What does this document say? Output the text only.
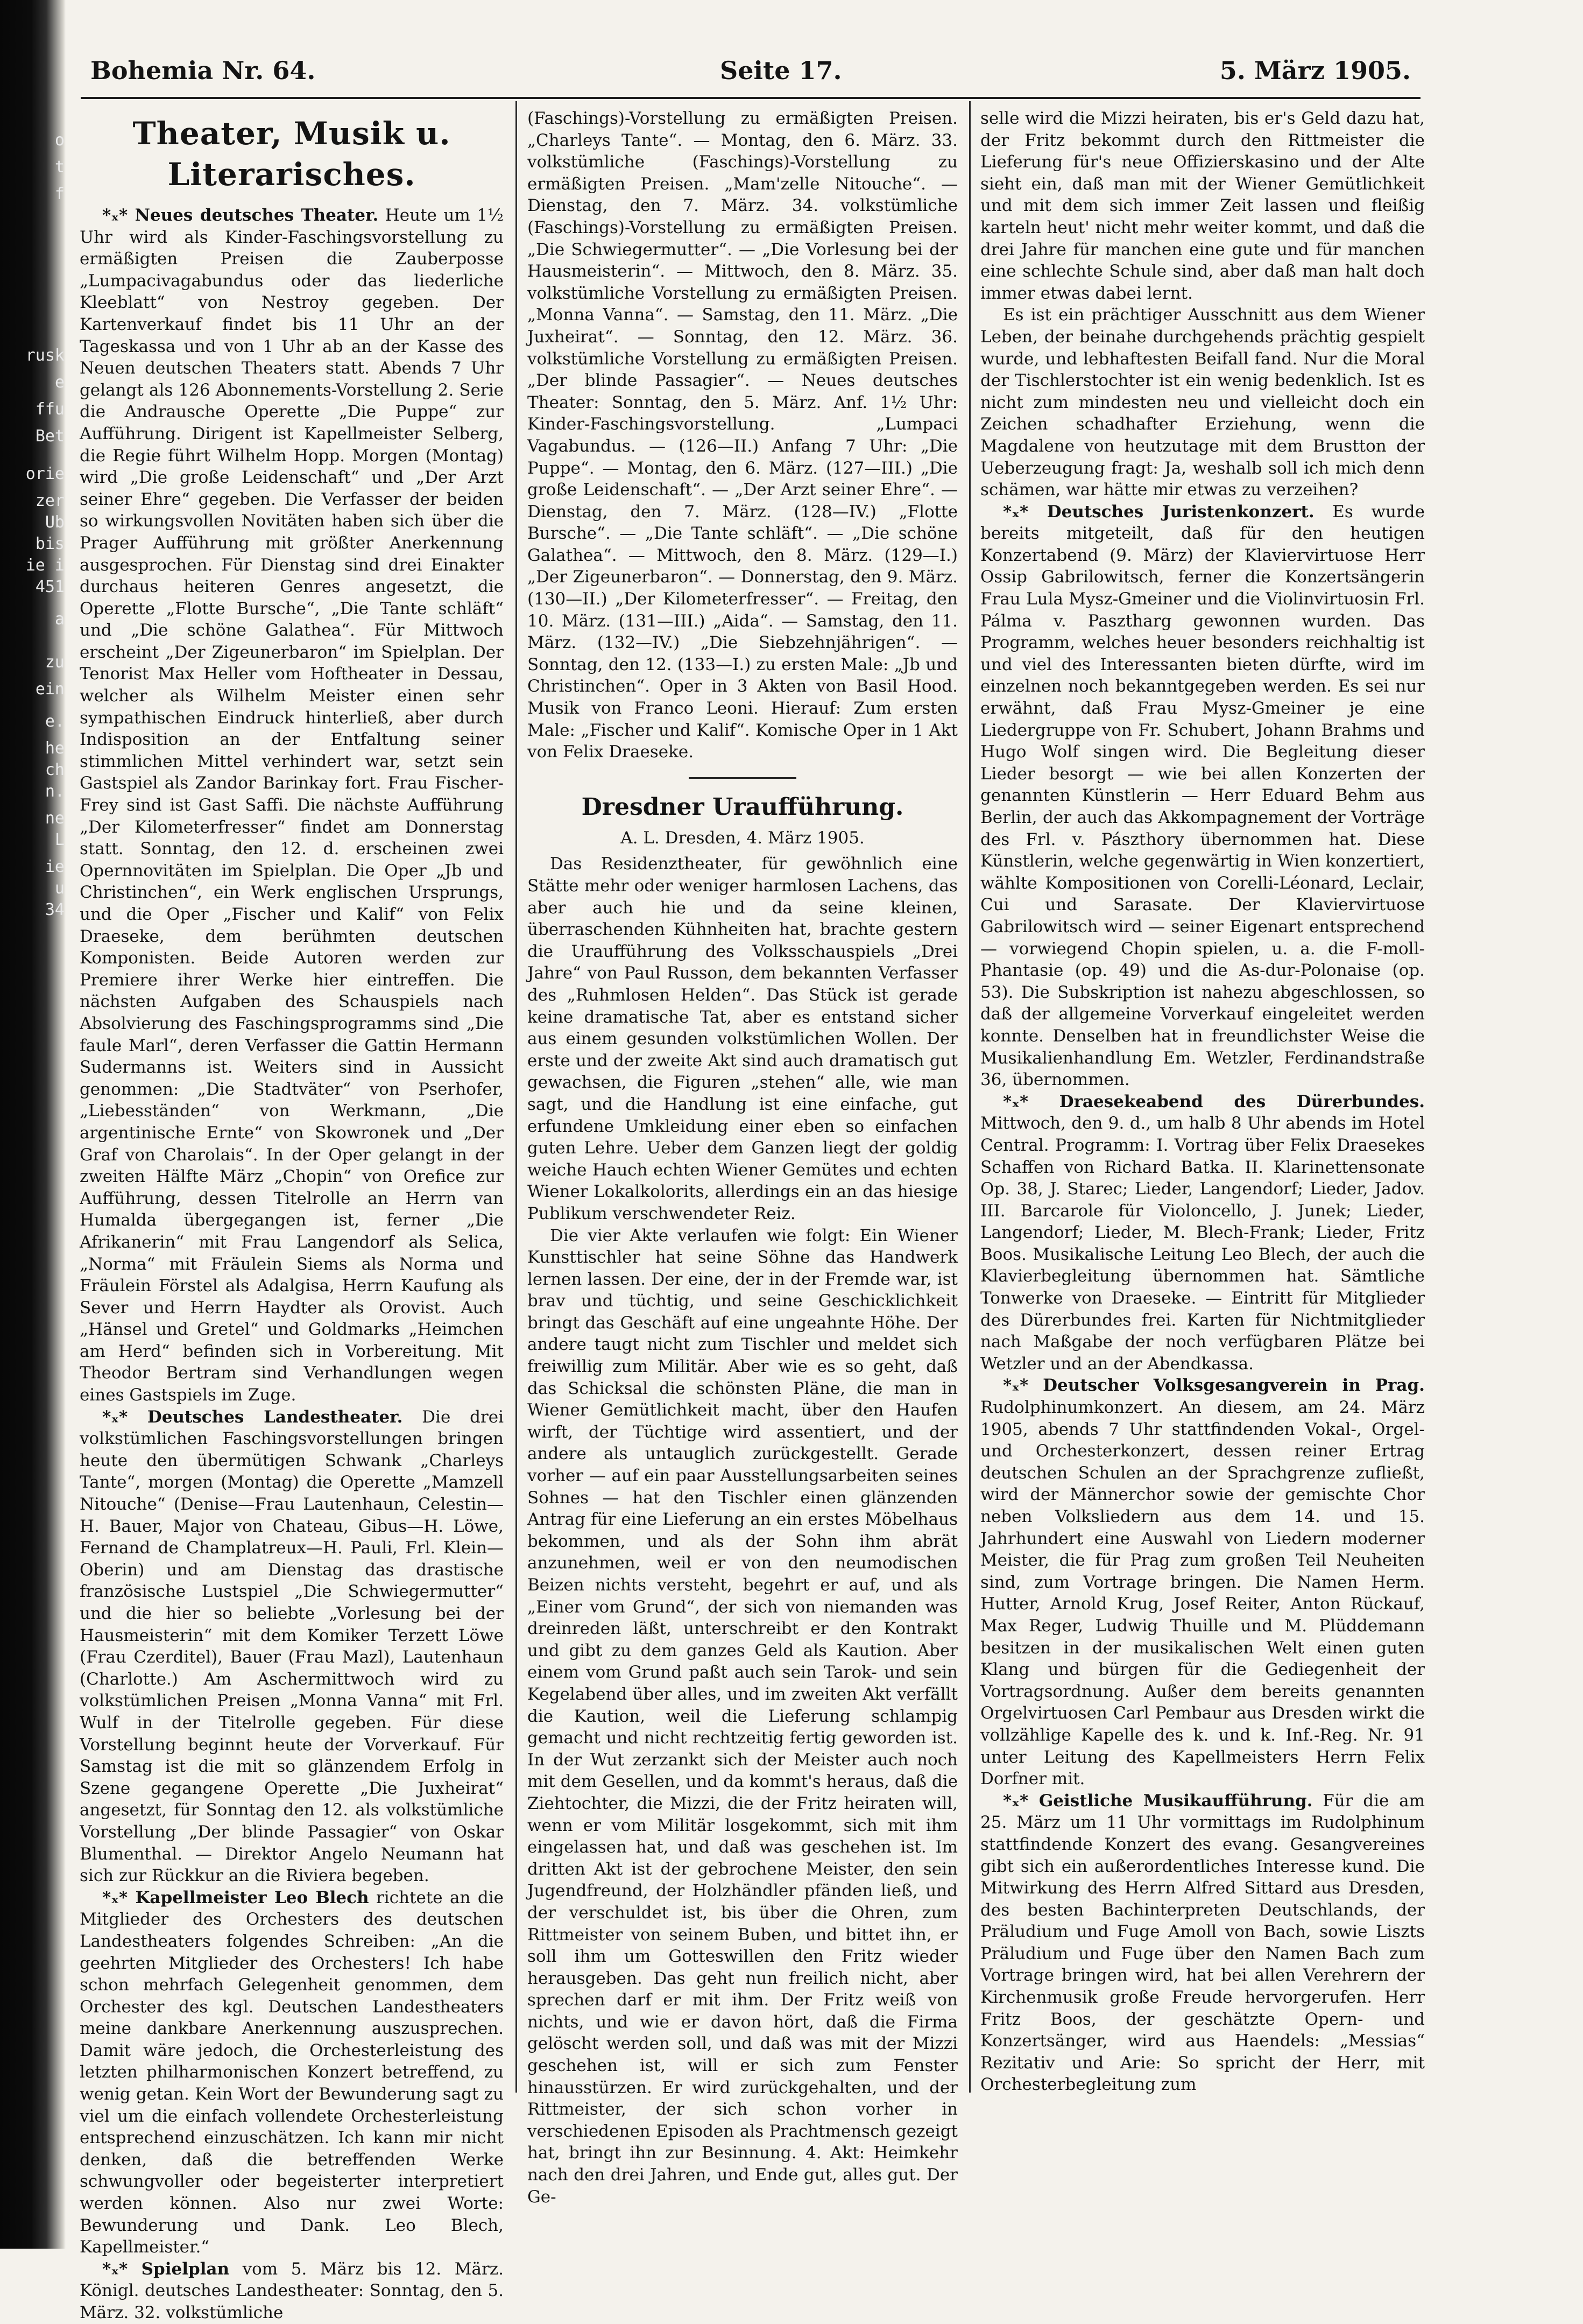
o
t
f
rusk
e
ffu
Bet
orie
zer
Ub
bis
ie i
451
a
zu
ein
e.
he
ch
n.
ne
L
ie
u
34
Bohemia Nr. 64.	Seite 17.	5. März 1905.
Theater, Musik u. Literarisches.

*ₓ* Neues deutsches Theater. Heute um 1½ Uhr wird als Kinder-Faschingsvorstellung zu ermäßigten Preisen die Zauberposse „Lumpacivagabundus oder das liederliche Kleeblatt“ von Nestroy gegeben. Der Kartenverkauf findet bis 11 Uhr an der Tageskassa und von 1 Uhr ab an der Kasse des Neuen deutschen Theaters statt. Abends 7 Uhr gelangt als 126 Abonnements-Vorstellung 2. Serie die Andrausche Operette „Die Puppe“ zur Aufführung. Dirigent ist Kapellmeister Selberg, die Regie führt Wilhelm Hopp. Morgen (Montag) wird „Die große Leidenschaft“ und „Der Arzt seiner Ehre“ gegeben. Die Verfasser der beiden so wirkungsvollen Novitäten haben sich über die Prager Aufführung mit größter Anerkennung ausgesprochen. Für Dienstag sind drei Einakter durchaus heiteren Genres angesetzt, die Operette „Flotte Bursche“, „Die Tante schläft“ und „Die schöne Galathea“. Für Mittwoch erscheint „Der Zigeunerbaron“ im Spielplan. Der Tenorist Max Heller vom Hoftheater in Dessau, welcher als Wilhelm Meister einen sehr sympathischen Eindruck hinterließ, aber durch Indisposition an der Entfaltung seiner stimmlichen Mittel verhindert war, setzt sein Gastspiel als Zandor Barinkay fort. Frau Fischer-Frey sind ist Gast Saffi. Die nächste Aufführung „Der Kilometerfresser“ findet am Donnerstag statt. Sonntag, den 12. d. erscheinen zwei Opernnovitäten im Spielplan. Die Oper „Jb und Christinchen“, ein Werk englischen Ursprungs, und die Oper „Fischer und Kalif“ von Felix Draeseke, dem berühmten deutschen Komponisten. Beide Autoren werden zur Premiere ihrer Werke hier eintreffen. Die nächsten Aufgaben des Schauspiels nach Absolvierung des Faschingsprogramms sind „Die faule Marl“, deren Verfasser die Gattin Hermann Sudermanns ist. Weiters sind in Aussicht genommen: „Die Stadtväter“ von Pserhofer, „Liebesständen“ von Werkmann, „Die argentinische Ernte“ von Skowronek und „Der Graf von Charolais“. In der Oper gelangt in der zweiten Hälfte März „Chopin“ von Orefice zur Aufführung, dessen Titelrolle an Herrn van Humalda übergegangen ist, ferner „Die Afrikanerin“ mit Frau Langendorf als Selica, „Norma“ mit Fräulein Siems als Norma und Fräulein Förstel als Adalgisa, Herrn Kaufung als Sever und Herrn Haydter als Orovist. Auch „Hänsel und Gretel“ und Goldmarks „Heimchen am Herd“ befinden sich in Vorbereitung. Mit Theodor Bertram sind Verhandlungen wegen eines Gastspiels im Zuge.

*ₓ* Deutsches Landestheater. Die drei volkstümlichen Faschingsvorstellungen bringen heute den übermütigen Schwank „Charleys Tante“, morgen (Montag) die Operette „Mamzell Nitouche“ (Denise—Frau Lautenhaun, Celestin—H. Bauer, Major von Chateau, Gibus—H. Löwe, Fernand de Champlatreux—H. Pauli, Frl. Klein—Oberin) und am Dienstag das drastische französische Lustspiel „Die Schwiegermutter“ und die hier so beliebte „Vorlesung bei der Hausmeisterin“ mit dem Komiker Terzett Löwe (Frau Czerditel), Bauer (Frau Mazl), Lautenhaun (Charlotte.) Am Aschermittwoch wird zu volkstümlichen Preisen „Monna Vanna“ mit Frl. Wulf in der Titelrolle gegeben. Für diese Vorstellung beginnt heute der Vorverkauf. Für Samstag ist die mit so glänzendem Erfolg in Szene gegangene Operette „Die Juxheirat“ angesetzt, für Sonntag den 12. als volkstümliche Vorstellung „Der blinde Passagier“ von Oskar Blumenthal. — Direktor Angelo Neumann hat sich zur Rückkur an die Riviera begeben.

*ₓ* Kapellmeister Leo Blech richtete an die Mitglieder des Orchesters des deutschen Landestheaters folgendes Schreiben: „An die geehrten Mitglieder des Orchesters! Ich habe schon mehrfach Gelegenheit genommen, dem Orchester des kgl. Deutschen Landestheaters meine dankbare Anerkennung auszusprechen. Damit wäre jedoch, die Orchesterleistung des letzten philharmonischen Konzert betreffend, zu wenig getan. Kein Wort der Bewunderung sagt zu viel um die einfach vollendete Orchesterleistung entsprechend einzuschätzen. Ich kann mir nicht denken, daß die betreffenden Werke schwungvoller oder begeisterter interpretiert werden können. Also nur zwei Worte: Bewunderung und Dank. Leo Blech, Kapellmeister.“

*ₓ* Spielplan vom 5. März bis 12. März. Königl. deutsches Landestheater: Sonntag, den 5. März. 32. volkstümliche

(Faschings)-Vorstellung zu ermäßigten Preisen. „Charleys Tante“. — Montag, den 6. März. 33. volkstümliche (Faschings)-Vorstellung zu ermäßigten Preisen. „Mam'zelle Nitouche“. — Dienstag, den 7. März. 34. volkstümliche (Faschings)-Vorstellung zu ermäßigten Preisen. „Die Schwiegermutter“. — „Die Vorlesung bei der Hausmeisterin“. — Mittwoch, den 8. März. 35. volkstümliche Vorstellung zu ermäßigten Preisen. „Monna Vanna“. — Samstag, den 11. März. „Die Juxheirat“. — Sonntag, den 12. März. 36. volkstümliche Vorstellung zu ermäßigten Preisen. „Der blinde Passagier“. — Neues deutsches Theater: Sonntag, den 5. März. Anf. 1½ Uhr: Kinder-Faschingsvorstellung. „Lumpaci Vagabundus. — (126—II.) Anfang 7 Uhr: „Die Puppe“. — Montag, den 6. März. (127—III.) „Die große Leidenschaft“. — „Der Arzt seiner Ehre“. — Dienstag, den 7. März. (128—IV.) „Flotte Bursche“. — „Die Tante schläft“. — „Die schöne Galathea“. — Mittwoch, den 8. März. (129—I.) „Der Zigeunerbaron“. — Donnerstag, den 9. März. (130—II.) „Der Kilometerfresser“. — Freitag, den 10. März. (131—III.) „Aida“. — Samstag, den 11. März. (132—IV.) „Die Siebzehnjährigen“. — Sonntag, den 12. (133—I.) zu ersten Male: „Jb und Christinchen“. Oper in 3 Akten von Basil Hood. Musik von Franco Leoni. Hierauf: Zum ersten Male: „Fischer und Kalif“. Komische Oper in 1 Akt von Felix Draeseke.

Dresdner Uraufführung.
A. L. Dresden, 4. März 1905.

Das Residenztheater, für gewöhnlich eine Stätte mehr oder weniger harmlosen Lachens, das aber auch hie und da seine kleinen, überraschenden Kühnheiten hat, brachte gestern die Uraufführung des Volksschauspiels „Drei Jahre“ von Paul Russon, dem bekannten Verfasser des „Ruhmlosen Helden“. Das Stück ist gerade keine dramatische Tat, aber es entstand sicher aus einem gesunden volkstümlichen Wollen. Der erste und der zweite Akt sind auch dramatisch gut gewachsen, die Figuren „stehen“ alle, wie man sagt, und die Handlung ist eine einfache, gut erfundene Umkleidung einer eben so einfachen guten Lehre. Ueber dem Ganzen liegt der goldig weiche Hauch echten Wiener Gemütes und echten Wiener Lokalkolorits, allerdings ein an das hiesige Publikum verschwendeter Reiz.

Die vier Akte verlaufen wie folgt: Ein Wiener Kunsttischler hat seine Söhne das Handwerk lernen lassen. Der eine, der in der Fremde war, ist brav und tüchtig, und seine Geschicklichkeit bringt das Geschäft auf eine ungeahnte Höhe. Der andere taugt nicht zum Tischler und meldet sich freiwillig zum Militär. Aber wie es so geht, daß das Schicksal die schönsten Pläne, die man in Wiener Gemütlichkeit macht, über den Haufen wirft, der Tüchtige wird assentiert, und der andere als untauglich zurückgestellt. Gerade vorher — auf ein paar Ausstellungsarbeiten seines Sohnes — hat den Tischler einen glänzenden Antrag für eine Lieferung an ein erstes Möbelhaus bekommen, und als der Sohn ihm abrät anzunehmen, weil er von den neumodischen Beizen nichts versteht, begehrt er auf, und als „Einer vom Grund“, der sich von niemanden was dreinreden läßt, unterschreibt er den Kontrakt und gibt zu dem ganzes Geld als Kaution. Aber einem vom Grund paßt auch sein Tarok- und sein Kegelabend über alles, und im zweiten Akt verfällt die Kaution, weil die Lieferung schlampig gemacht und nicht rechtzeitig fertig geworden ist. In der Wut zerzankt sich der Meister auch noch mit dem Gesellen, und da kommt's heraus, daß die Ziehtochter, die Mizzi, die der Fritz heiraten will, wenn er vom Militär losgekommt, sich mit ihm eingelassen hat, und daß was geschehen ist. Im dritten Akt ist der gebrochene Meister, den sein Jugendfreund, der Holzhändler pfänden ließ, und der verschuldet ist, bis über die Ohren, zum Rittmeister von seinem Buben, und bittet ihn, er soll ihm um Gotteswillen den Fritz wieder herausgeben. Das geht nun freilich nicht, aber sprechen darf er mit ihm. Der Fritz weiß von nichts, und wie er davon hört, daß die Firma gelöscht werden soll, und daß was mit der Mizzi geschehen ist, will er sich zum Fenster hinausstürzen. Er wird zurückgehalten, und der Rittmeister, der sich schon vorher in verschiedenen Episoden als Prachtmensch gezeigt hat, bringt ihn zur Besinnung. 4. Akt: Heimkehr nach den drei Jahren, und Ende gut, alles gut. Der Ge-

selle wird die Mizzi heiraten, bis er's Geld dazu hat, der Fritz bekommt durch den Rittmeister die Lieferung für's neue Offizierskasino und der Alte sieht ein, daß man mit der Wiener Gemütlichkeit und mit dem sich immer Zeit lassen und fleißig karteln heut' nicht mehr weiter kommt, und daß die drei Jahre für manchen eine gute und für manchen eine schlechte Schule sind, aber daß man halt doch immer etwas dabei lernt.

Es ist ein prächtiger Ausschnitt aus dem Wiener Leben, der beinahe durchgehends prächtig gespielt wurde, und lebhaftesten Beifall fand. Nur die Moral der Tischlerstochter ist ein wenig bedenklich. Ist es nicht zum mindesten neu und vielleicht doch ein Zeichen schadhafter Erziehung, wenn die Magdalene von heutzutage mit dem Brustton der Ueberzeugung fragt: Ja, weshalb soll ich mich denn schämen, war hätte mir etwas zu verzeihen?

*ₓ* Deutsches Juristenkonzert. Es wurde bereits mitgeteilt, daß für den heutigen Konzertabend (9. März) der Klaviervirtuose Herr Ossip Gabrilowitsch, ferner die Konzertsängerin Frau Lula Mysz-Gmeiner und die Violinvirtuosin Frl. Pálma v. Pasztharg gewonnen wurden. Das Programm, welches heuer besonders reichhaltig ist und viel des Interessanten bieten dürfte, wird im einzelnen noch bekanntgegeben werden. Es sei nur erwähnt, daß Frau Mysz-Gmeiner je eine Liedergruppe von Fr. Schubert, Johann Brahms und Hugo Wolf singen wird. Die Begleitung dieser Lieder besorgt — wie bei allen Konzerten der genannten Künstlerin — Herr Eduard Behm aus Berlin, der auch das Akkompagnement der Vorträge des Frl. v. Pászthory übernommen hat. Diese Künstlerin, welche gegenwärtig in Wien konzertiert, wählte Kompositionen von Corelli-Léonard, Leclair, Cui und Sarasate. Der Klaviervirtuose Gabrilowitsch wird — seiner Eigenart entsprechend — vorwiegend Chopin spielen, u. a. die F-moll-Phantasie (op. 49) und die As-dur-Polonaise (op. 53). Die Subskription ist nahezu abgeschlossen, so daß der allgemeine Vorverkauf eingeleitet werden konnte. Denselben hat in freundlichster Weise die Musikalienhandlung Em. Wetzler, Ferdinandstraße 36, übernommen.

*ₓ* Draesekeabend des Dürerbundes. Mittwoch, den 9. d., um halb 8 Uhr abends im Hotel Central. Programm: I. Vortrag über Felix Draesekes Schaffen von Richard Batka. II. Klarinettensonate Op. 38, J. Starec; Lieder, Langendorf; Lieder, Jadov. III. Barcarole für Violoncello, J. Junek; Lieder, Langendorf; Lieder, M. Blech-Frank; Lieder, Fritz Boos. Musikalische Leitung Leo Blech, der auch die Klavierbegleitung übernommen hat. Sämtliche Tonwerke von Draeseke. — Eintritt für Mitglieder des Dürerbundes frei. Karten für Nichtmitglieder nach Maßgabe der noch verfügbaren Plätze bei Wetzler und an der Abendkassa.

*ₓ* Deutscher Volksgesangverein in Prag. Rudolphinumkonzert. An diesem, am 24. März 1905, abends 7 Uhr stattfindenden Vokal-, Orgel- und Orchesterkonzert, dessen reiner Ertrag deutschen Schulen an der Sprachgrenze zufließt, wird der Männerchor sowie der gemischte Chor neben Volksliedern aus dem 14. und 15. Jahrhundert eine Auswahl von Liedern moderner Meister, die für Prag zum großen Teil Neuheiten sind, zum Vortrage bringen. Die Namen Herm. Hutter, Arnold Krug, Josef Reiter, Anton Rückauf, Max Reger, Ludwig Thuille und M. Plüddemann besitzen in der musikalischen Welt einen guten Klang und bürgen für die Gediegenheit der Vortragsordnung. Außer dem bereits genannten Orgelvirtuosen Carl Pembaur aus Dresden wirkt die vollzählige Kapelle des k. und k. Inf.-Reg. Nr. 91 unter Leitung des Kapellmeisters Herrn Felix Dorfner mit.

*ₓ* Geistliche Musikaufführung. Für die am 25. März um 11 Uhr vormittags im Rudolphinum stattfindende Konzert des evang. Gesangvereines gibt sich ein außerordentliches Interesse kund. Die Mitwirkung des Herrn Alfred Sittard aus Dresden, des besten Bachinterpreten Deutschlands, der Präludium und Fuge Amoll von Bach, sowie Liszts Präludium und Fuge über den Namen Bach zum Vortrage bringen wird, hat bei allen Verehrern der Kirchenmusik große Freude hervorgerufen. Herr Fritz Boos, der geschätzte Opern- und Konzertsänger, wird aus Haendels: „Messias“ Rezitativ und Arie: So spricht der Herr, mit Orchesterbegleitung zum
